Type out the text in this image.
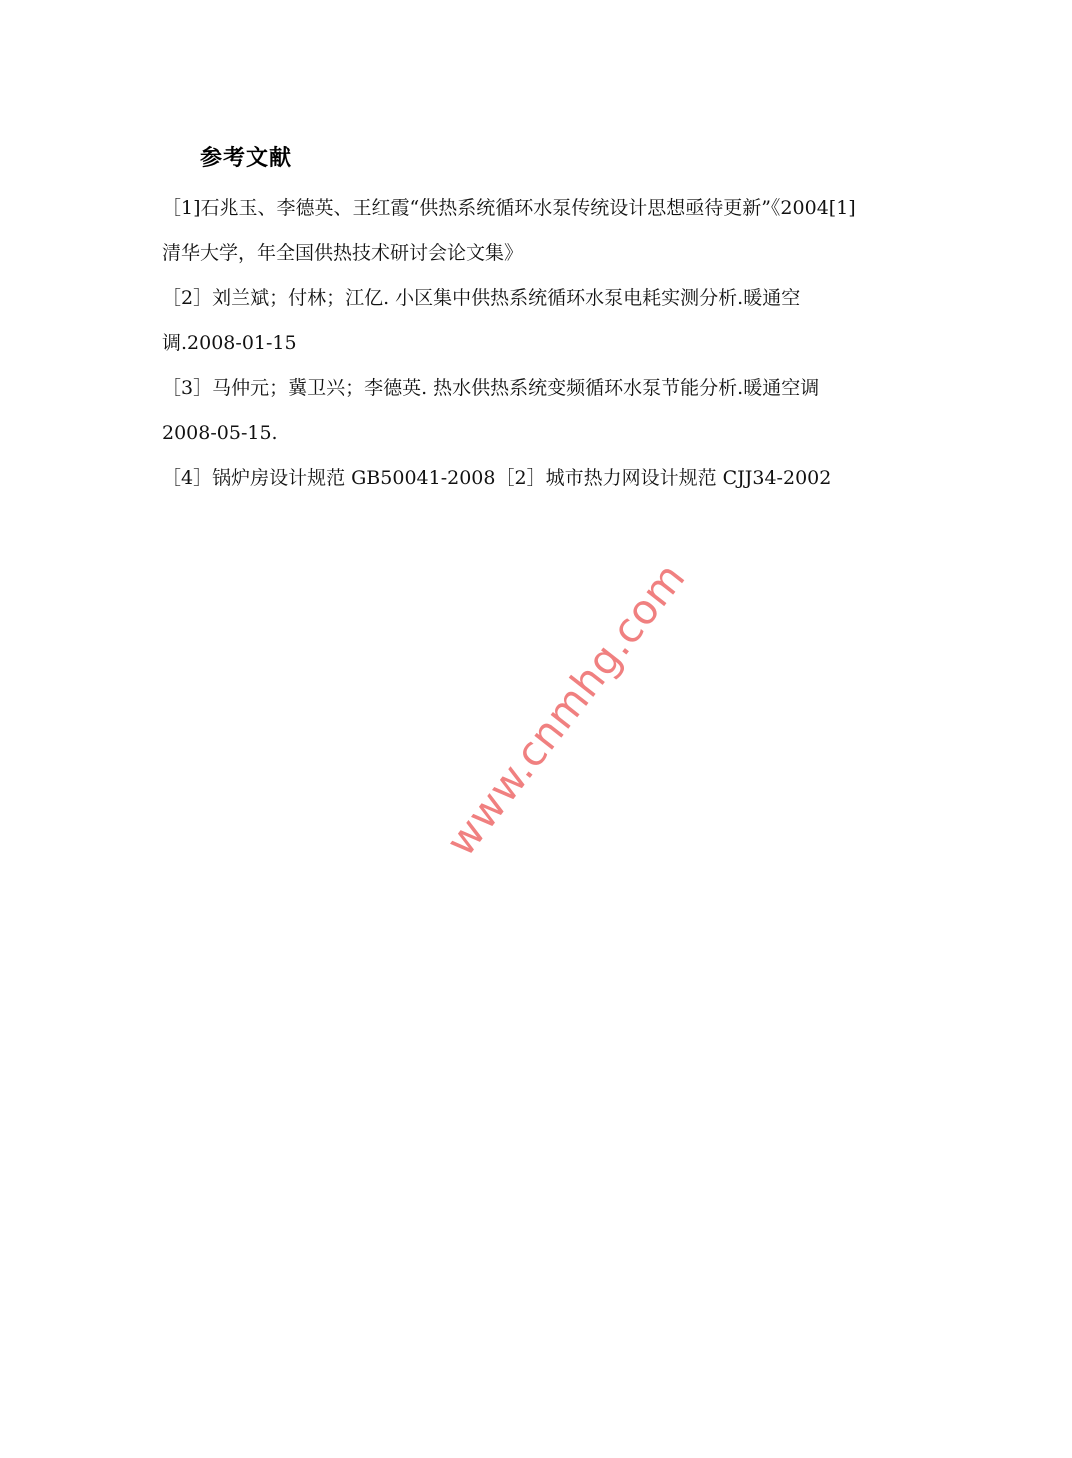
参考文献
［1]石兆玉、李德英、王红霞“供热系统循环水泵传统设计思想亟待更新”《2004[1]
清华大学，年全国供热技术研讨会论文集》
［2］刘兰斌；付林；江亿. 小区集中供热系统循环水泵电耗实测分析.暖通空
调.2008-01-15
［3］马仲元；冀卫兴；李德英. 热水供热系统变频循环水泵节能分析.暖通空调
2008-05-15.
［4］锅炉房设计规范 GB50041-2008［2］城市热力网设计规范 CJJ34-2002
www.cnmhg.com
